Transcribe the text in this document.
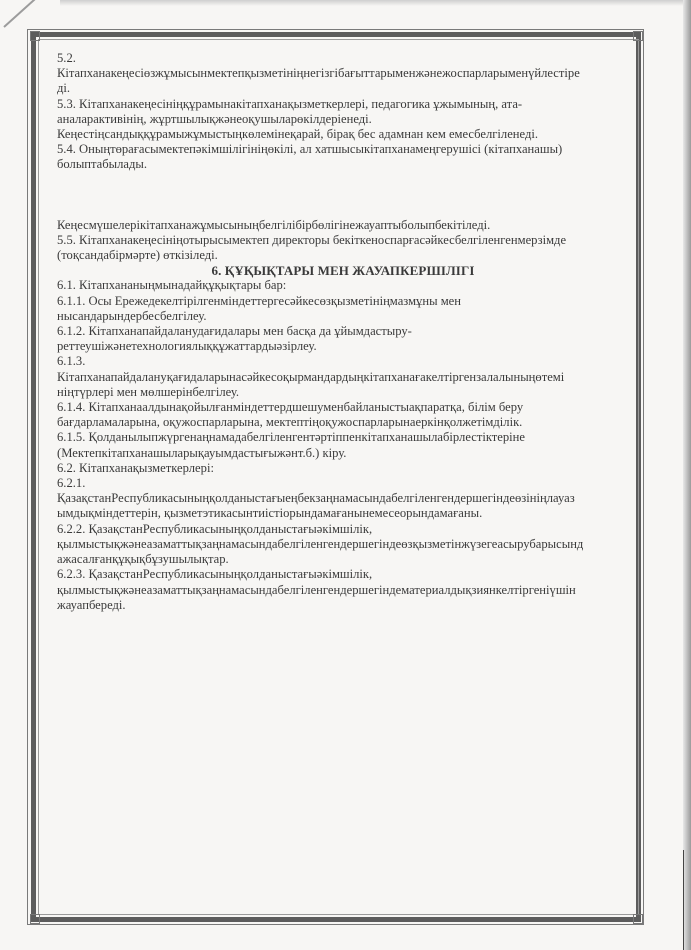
5.2.

Кітапханакеңесіөзжұмысынмектепқызметініңнегізгібағыттарыменжәнежоспарларыменүйлестіре

ді.

5.3. Кітапханакеңесініңқұрамынакітапханақызметкерлері, педагогика ұжымының, ата-

аналарактивінің, жұртшылықжәнеоқушыларөкілдеріенеді.

Кеңестіңсандыққұрамыжұмыстыңкөлемінеқарай, бірақ бес адамнан кем емесбелгіленеді.

5.4. Оныңтөрағасымектепәкімшілігініңөкілі, ал хатшысыкітапханамеңгерушісі (кітапханашы)

болыптабылады.

Кеңесмүшелерікітапханажұмысыныңбелгілібірбөлігінежауаптыболыпбекітіледі.

5.5. Кітапханакеңесініңотырысымектеп директоры бекіткеноспарғасәйкесбелгіленгенмерзімде

(тоқсандабірмәрте) өткізіледі.

6. ҚҰҚЫҚТАРЫ МЕН ЖАУАПКЕРШІЛІГІ

6.1. Кітапхананыңмынадайқұқықтары бар:

6.1.1. Осы Ережедекелтірілгенміндеттергесәйкесөзқызметініңмазмұны мен

нысандарындербесбелгілеу.

6.1.2. Кітапханапайдаланудағидалары мен басқа да ұйымдастыру-

реттеушіжәнетехнологиялыққұжаттардыәзірлеу.

6.1.3.

Кітапханапайдалануқағидаларынасәйкесоқырмандардыңкітапханағакелтіргензалалыныңөтемі

ніңтүрлері мен мөлшерінбелгілеу.

6.1.4. Кітапханаалдынақойылғанміндеттердшешуменбайланыстыақпаратқа, білім беру

бағдарламаларына, оқужоспарларына, мектептіңоқужоспарларынаеркінқолжетімділік.

6.1.5. Қолданылыпжүргенаңнамадабелгіленгентәртіппенкітапханашылабірлестіктеріне

(Мектепкітапханашыларықауымдастығыжәнт.б.) кіру.

6.2. Кітапханақызметкерлері:

6.2.1.

ҚазақстанРеспубликасыныңқолданыстағыеңбекзаңнамасындабелгіленгендершегіндеөзініңлауаз

ымдықміндеттерін, қызметэтикасынтиістіорындамағанынемесеорындамағаны.

6.2.2. ҚазақстанРеспубликасыныңқолданыстағыәкімшілік,

қылмыстықжәнеазаматтықзаңнамасындабелгіленгендершегіндеөзқызметінжүзегеасырубарысынд

ажасалғанқұқықбұзушылықтар.

6.2.3. ҚазақстанРеспубликасыныңқолданыстағыәкімшілік,

қылмыстықжәнеазаматтықзаңнамасындабелгіленгендершегіндематериалдықзиянкелтіргеніүшін

жауапбереді.
